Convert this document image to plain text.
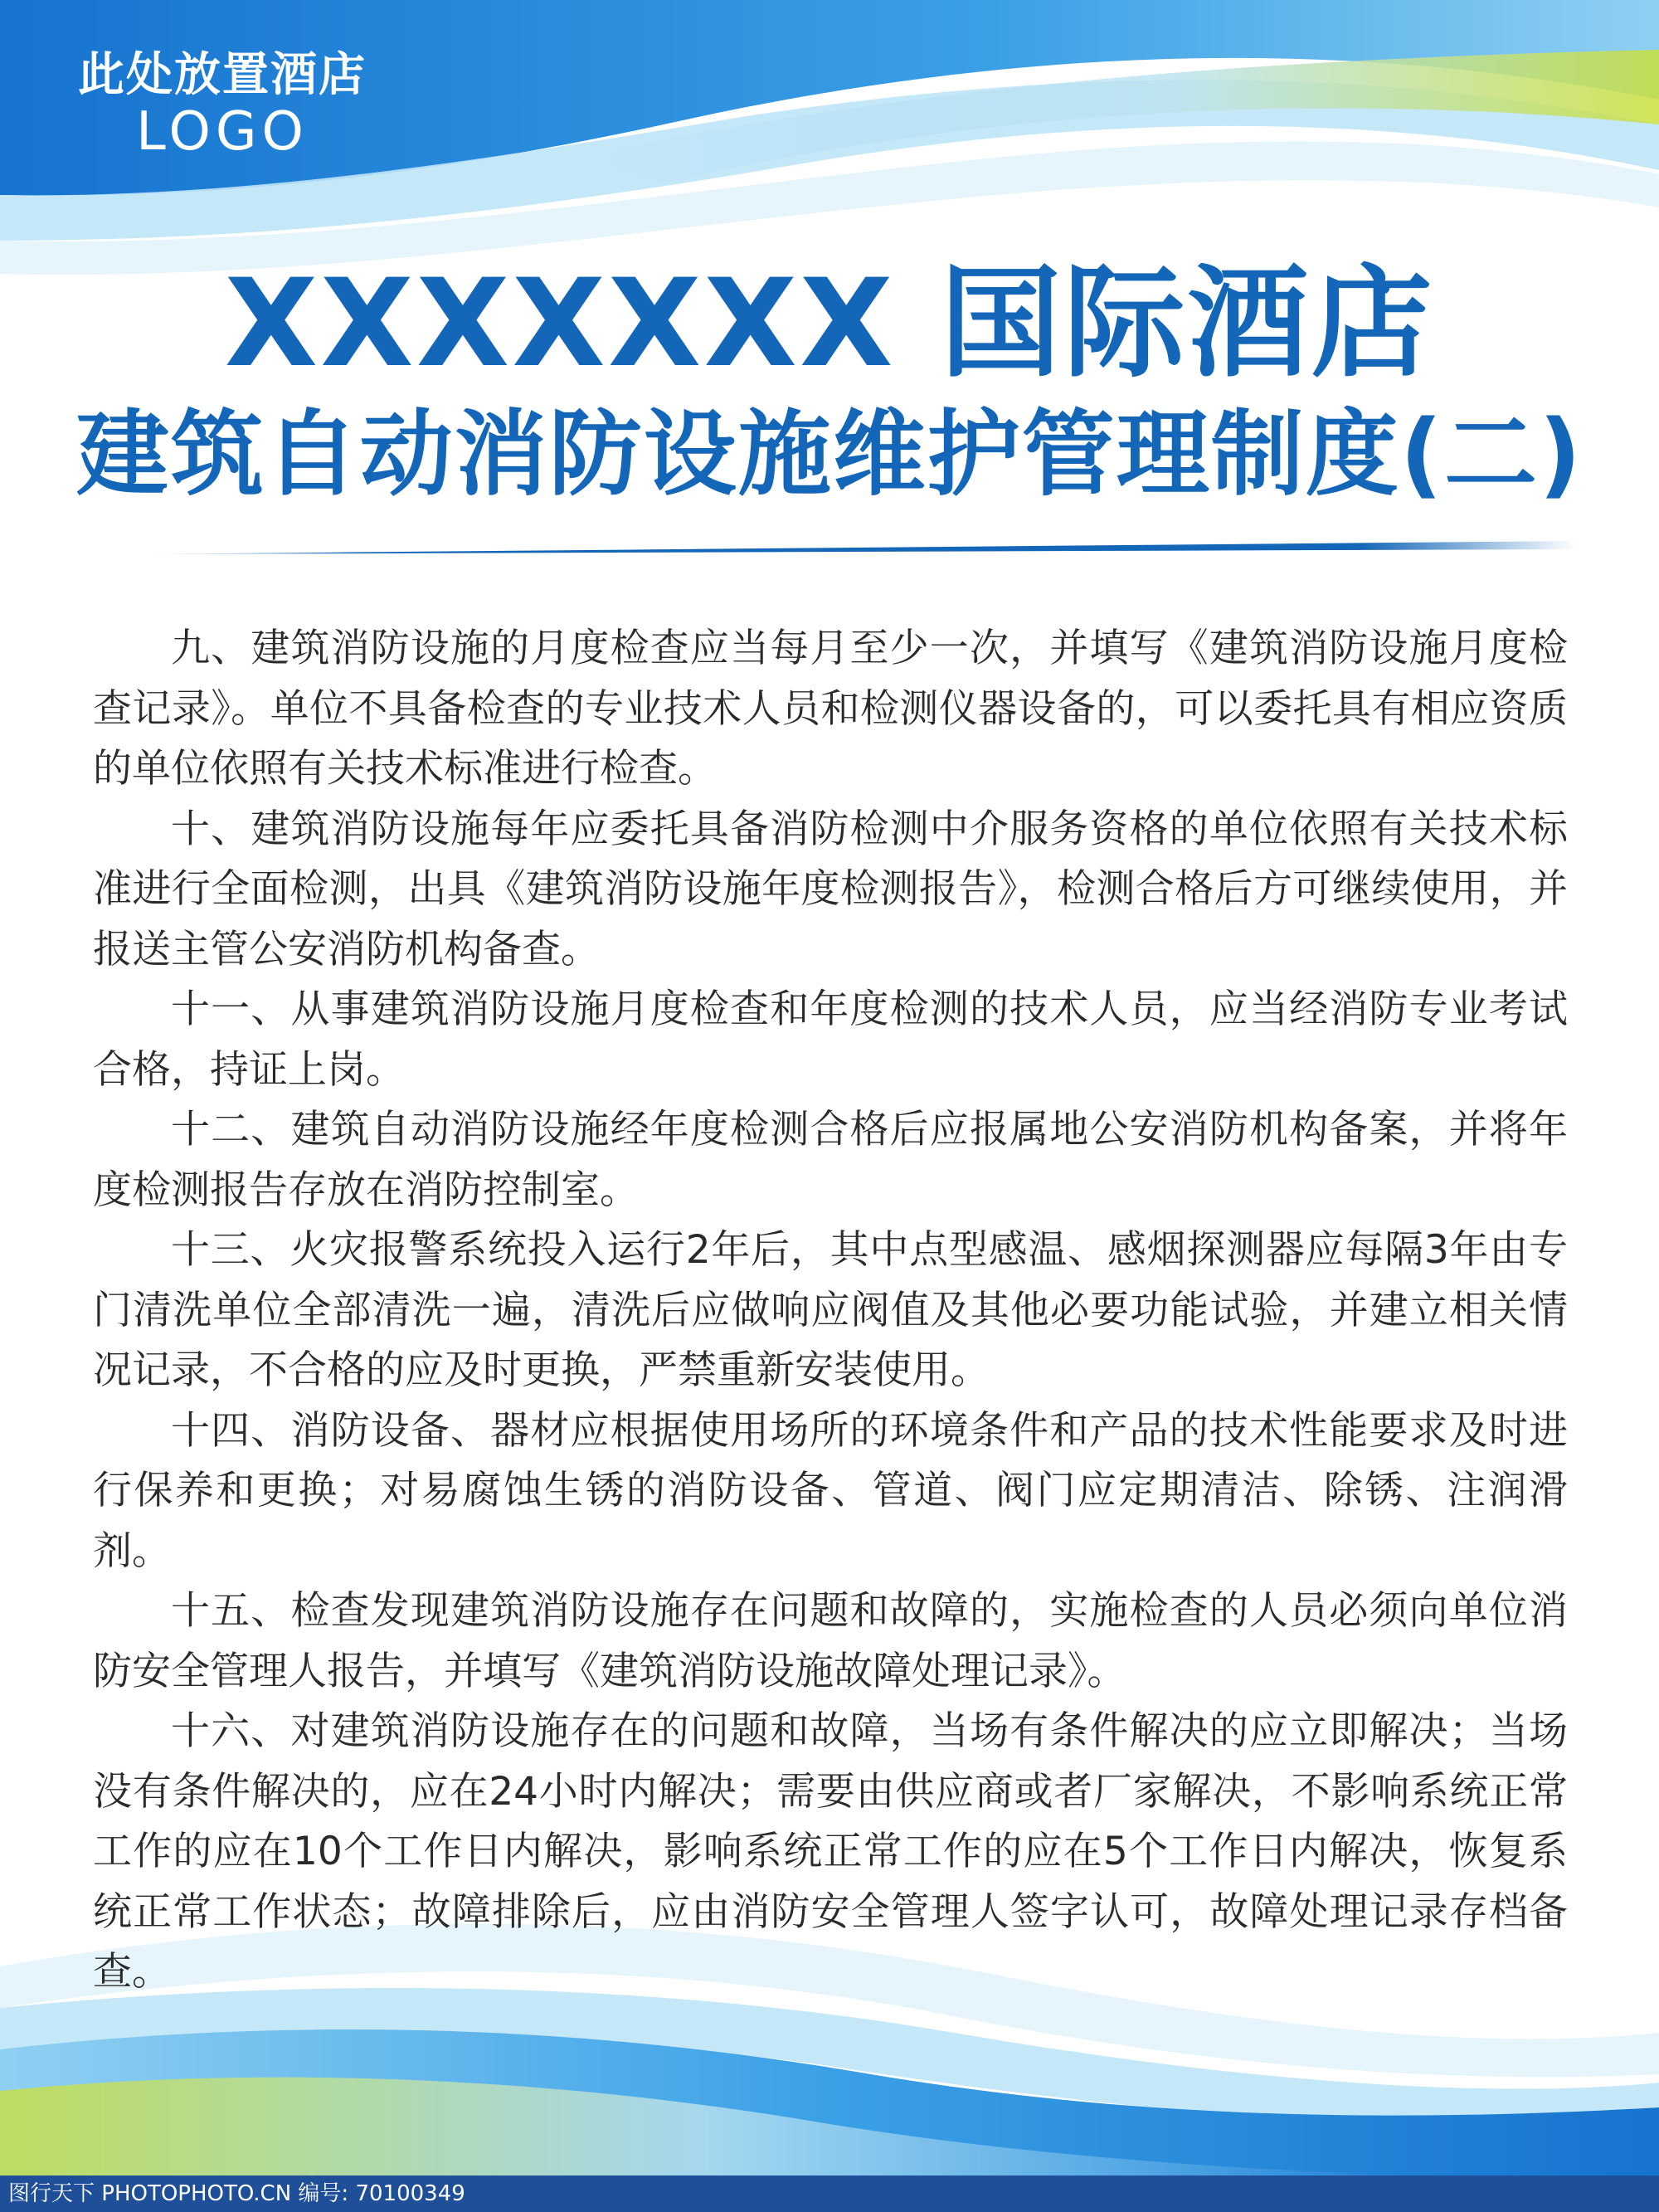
此处放置酒店
LOGO
XXXXXXX 国际酒店
建筑自动消防设施维护管理制度(二)

九、建筑消防设施的月度检查应当每月至少一次，并填写《建筑消防设施月度检查记录》。单位不具备检查的专业技术人员和检测仪器设备的，可以委托具有相应资质的单位依照有关技术标准进行检查。

十、建筑消防设施每年应委托具备消防检测中介服务资格的单位依照有关技术标准进行全面检测，出具《建筑消防设施年度检测报告》，检测合格后方可继续使用，并报送主管公安消防机构备查。

十一、从事建筑消防设施月度检查和年度检测的技术人员，应当经消防专业考试合格，持证上岗。

十二、建筑自动消防设施经年度检测合格后应报属地公安消防机构备案，并将年度检测报告存放在消防控制室。

十三、火灾报警系统投入运行2年后，其中点型感温、感烟探测器应每隔3年由专门清洗单位全部清洗一遍，清洗后应做响应阀值及其他必要功能试验，并建立相关情况记录，不合格的应及时更换，严禁重新安装使用。

十四、消防设备、器材应根据使用场所的环境条件和产品的技术性能要求及时进行保养和更换；对易腐蚀生锈的消防设备、管道、阀门应定期清洁、除锈、注润滑剂。

十五、检查发现建筑消防设施存在问题和故障的，实施检查的人员必须向单位消防安全管理人报告，并填写《建筑消防设施故障处理记录》。

十六、对建筑消防设施存在的问题和故障，当场有条件解决的应立即解决；当场没有条件解决的，应在24小时内解决；需要由供应商或者厂家解决，不影响系统正常工作的应在10个工作日内解决，影响系统正常工作的应在5个工作日内解决，恢复系统正常工作状态；故障排除后，应由消防安全管理人签字认可，故障处理记录存档备查。

图行天下 PHOTOPHOTO.CN 编号: 70100349
